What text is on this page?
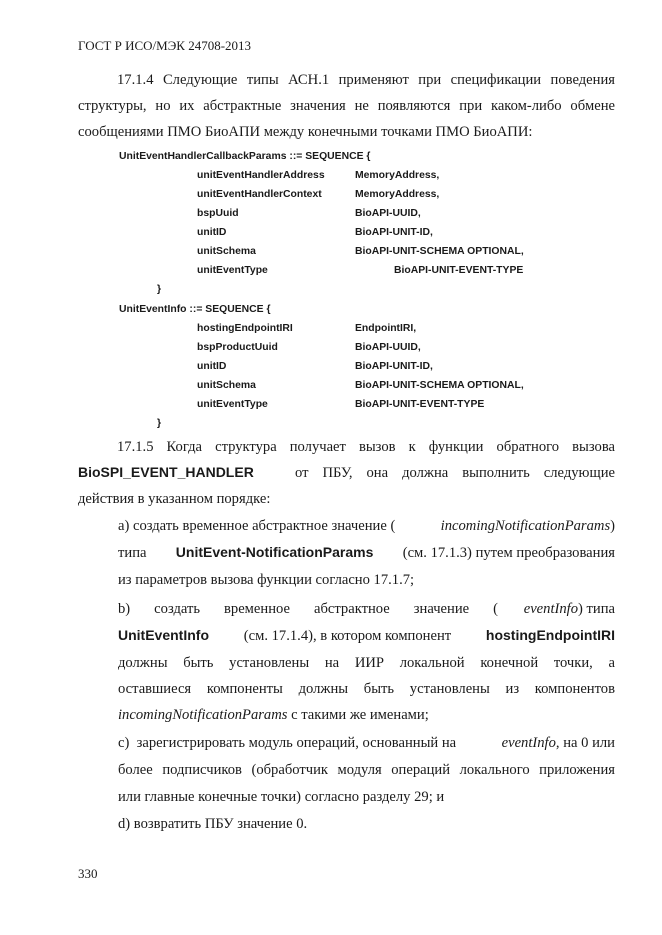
ГОСТ Р ИСО/МЭК 24708-2013
17.1.4 Следующие типы АСН.1 применяют при спецификации поведения
структуры, но их абстрактные значения не появляются при каком-либо обмене
сообщениями ПМО БиоАПИ между конечными точками ПМО БиоАПИ:
UnitEventHandlerCallbackParams ::= SEQUENCE {
unitEventHandlerAddress	MemoryAddress,
unitEventHandlerContext	MemoryAddress,
bspUuid	BioAPI-UUID,
unitID	BioAPI-UNIT-ID,
unitSchema	BioAPI-UNIT-SCHEMA OPTIONAL,
unitEventType	BioAPI-UNIT-EVENT-TYPE
}
UnitEventInfo ::= SEQUENCE {
hostingEndpointIRI	EndpointIRI,
bspProductUuid	BioAPI-UUID,
unitID	BioAPI-UNIT-ID,
unitSchema	BioAPI-UNIT-SCHEMA OPTIONAL,
unitEventType	BioAPI-UNIT-EVENT-TYPE
}
17.1.5 Когда структура получает вызов к функции обратного вызова
BioSPI_EVENT_HANDLER	от ПБУ, она должна выполнить следующие
действия в указанном порядке:
а) создать временное абстрактное значение (	incomingNotificationParams)
типа UnitEvent-NotificationParams (см. 17.1.3) путем преобразования
из параметров вызова функции согласно 17.1.7;
b) создать временное абстрактное значение ( eventInfo) типа
UnitEventInfo (см. 17.1.4), в котором компонент hostingEndpointIRI
должны быть установлены на ИИР локальной конечной точки, а
оставшиеся компоненты должны быть установлены из компонентов
incomingNotificationParams с такими же именами;
с)  зарегистрировать модуль операций, основанный на	eventInfo, на 0 или
более подписчиков (обработчик модуля операций локального приложения
или главные конечные точки) согласно разделу 29; и
d) возвратить ПБУ значение 0.
330
